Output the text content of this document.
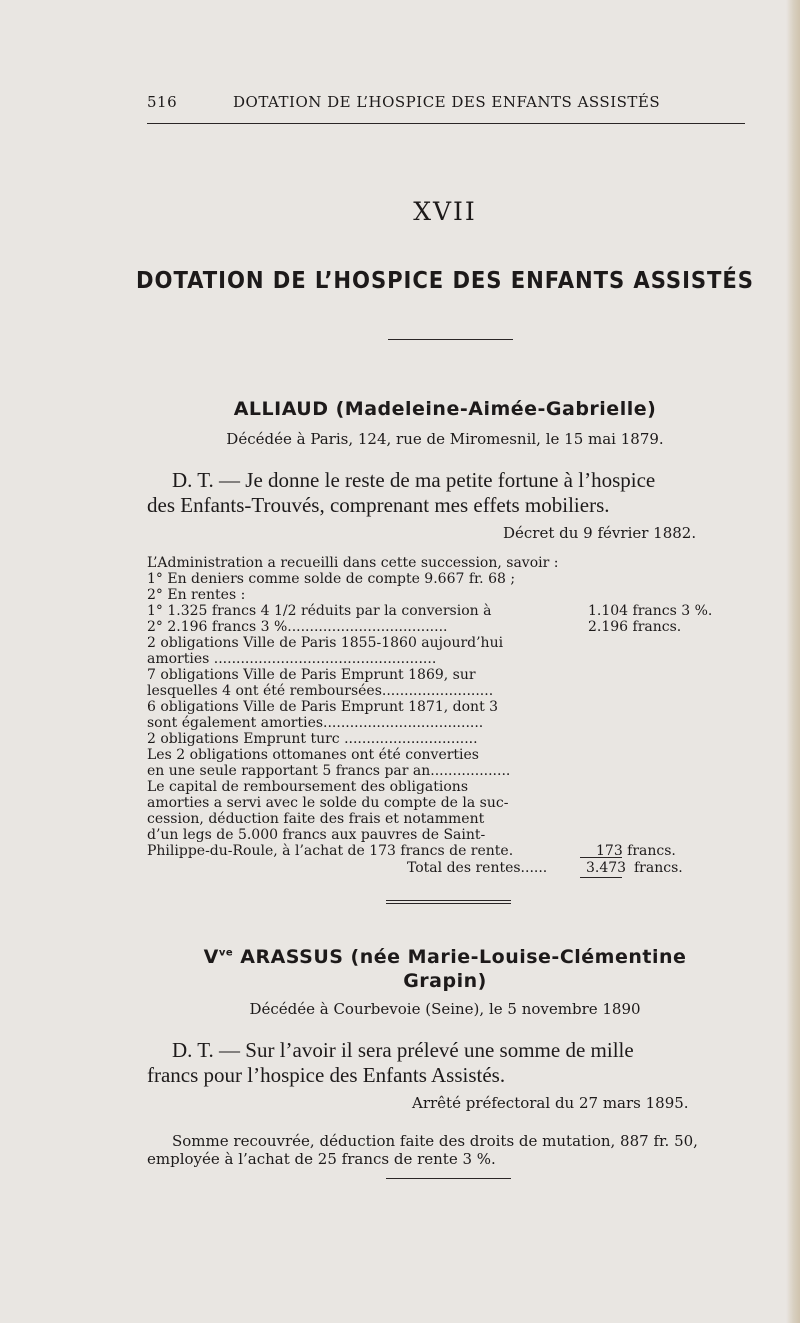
516	DOTATION DE L’HOSPICE DES ENFANTS ASSISTÉS
XVII
DOTATION DE L’HOSPICE DES ENFANTS ASSISTÉS
ALLIAUD (Madeleine-Aimée-Gabrielle)
Décédée à Paris, 124, rue de Miromesnil, le 15 mai 1879.
D. T. — Je donne le reste de ma petite fortune à l’hospice
des Enfants-Trouvés, comprenant mes effets mobiliers.
Décret du 9 février 1882.
L’Administration a recueilli dans cette succession, savoir :
1° En deniers comme solde de compte 9.667 fr. 68 ;
2° En rentes :
1° 1.325 francs 4 1/2 réduits par la conversion à
2° 2.196 francs 3 %....................................
2 obligations Ville de Paris 1855-1860 aujourd’hui
amorties ..................................................
7 obligations Ville de Paris Emprunt 1869, sur
lesquelles 4 ont été remboursées.........................
6 obligations Ville de Paris Emprunt 1871, dont 3
sont également amorties....................................
2 obligations Emprunt turc ..............................
Les 2 obligations ottomanes ont été converties
en une seule rapportant 5 francs par an..................
Le capital de remboursement des obligations
amorties a servi avec le solde du compte de la suc-
cession, déduction faite des frais et notamment
d’un legs de 5.000 francs aux pauvres de Saint-
Philippe-du-Roule, à l’achat de 173 francs de rente.
1.104 francs 3 %.
2.196 francs.
173 francs.
Total des rentes......	3.473 francs.
$V^{ve}$ ARASSUS (née Marie-Louise-Clémentine
Grapin)
Décédée à Courbevoie (Seine), le 5 novembre 1890
D. T. — Sur l’avoir il sera prélevé une somme de mille
francs pour l’hospice des Enfants Assistés.
Arrêté préfectoral du 27 mars 1895.
Somme recouvrée, déduction faite des droits de mutation, 887 fr. 50,
employée à l’achat de 25 francs de rente 3 %.
